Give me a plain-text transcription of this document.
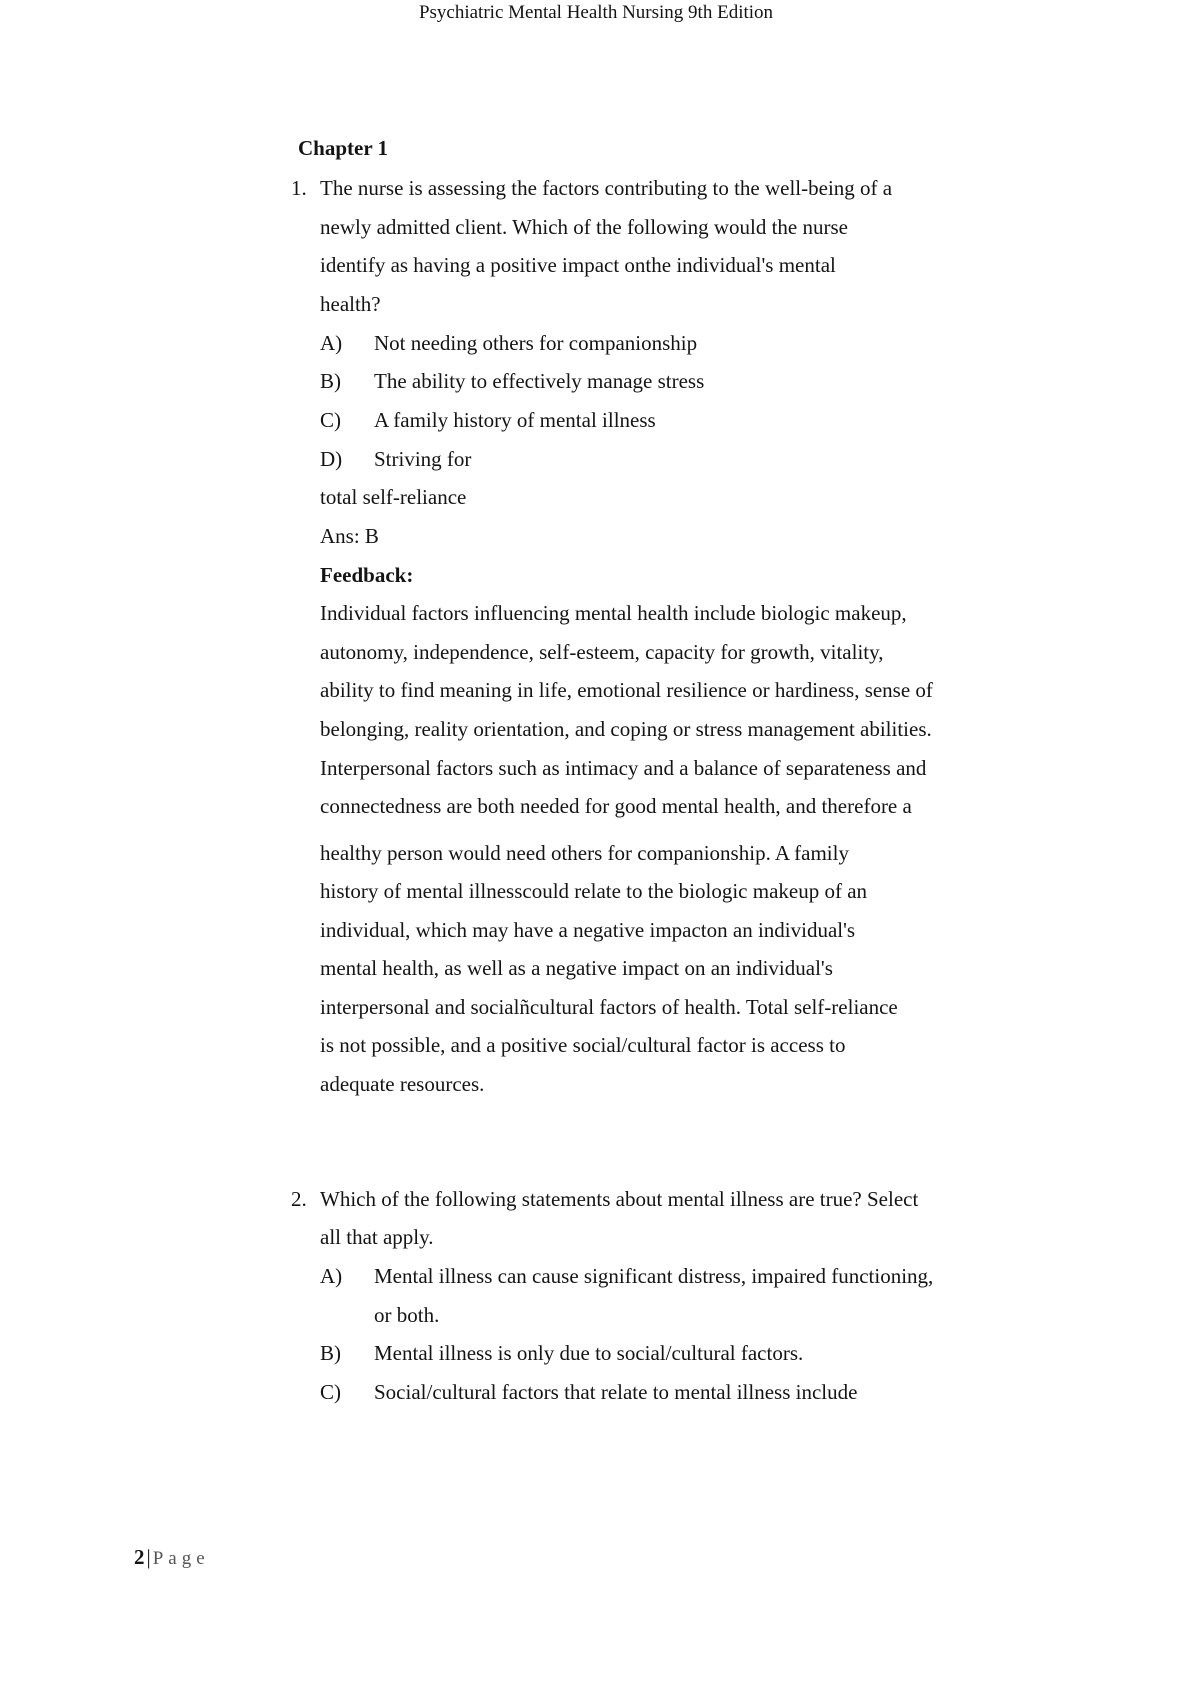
Psychiatric Mental Health Nursing 9th Edition
Chapter 1
1. The nurse is assessing the factors contributing to the well-being of a
newly admitted client. Which of the following would the nurse
identify as having a positive impact onthe individual's mental
health?
A) Not needing others for companionship
B) The ability to effectively manage stress
C) A family history of mental illness
D) Striving for
total self-reliance
Ans: B
Feedback:
Individual factors influencing mental health include biologic makeup,
autonomy, independence, self-esteem, capacity for growth, vitality,
ability to find meaning in life, emotional resilience or hardiness, sense of
belonging, reality orientation, and coping or stress management abilities.
Interpersonal factors such as intimacy and a balance of separateness and
connectedness are both needed for good mental health, and therefore a
healthy person would need others for companionship. A family
history of mental illnesscould relate to the biologic makeup of an
individual, which may have a negative impacton an individual's
mental health, as well as a negative impact on an individual's
interpersonal and socialñcultural factors of health. Total self-reliance
is not possible, and a positive social/cultural factor is access to
adequate resources.
2. Which of the following statements about mental illness are true? Select
all that apply.
A) Mental illness can cause significant distress, impaired functioning,
or both.
B) Mental illness is only due to social/cultural factors.
C) Social/cultural factors that relate to mental illness include
2| Page
